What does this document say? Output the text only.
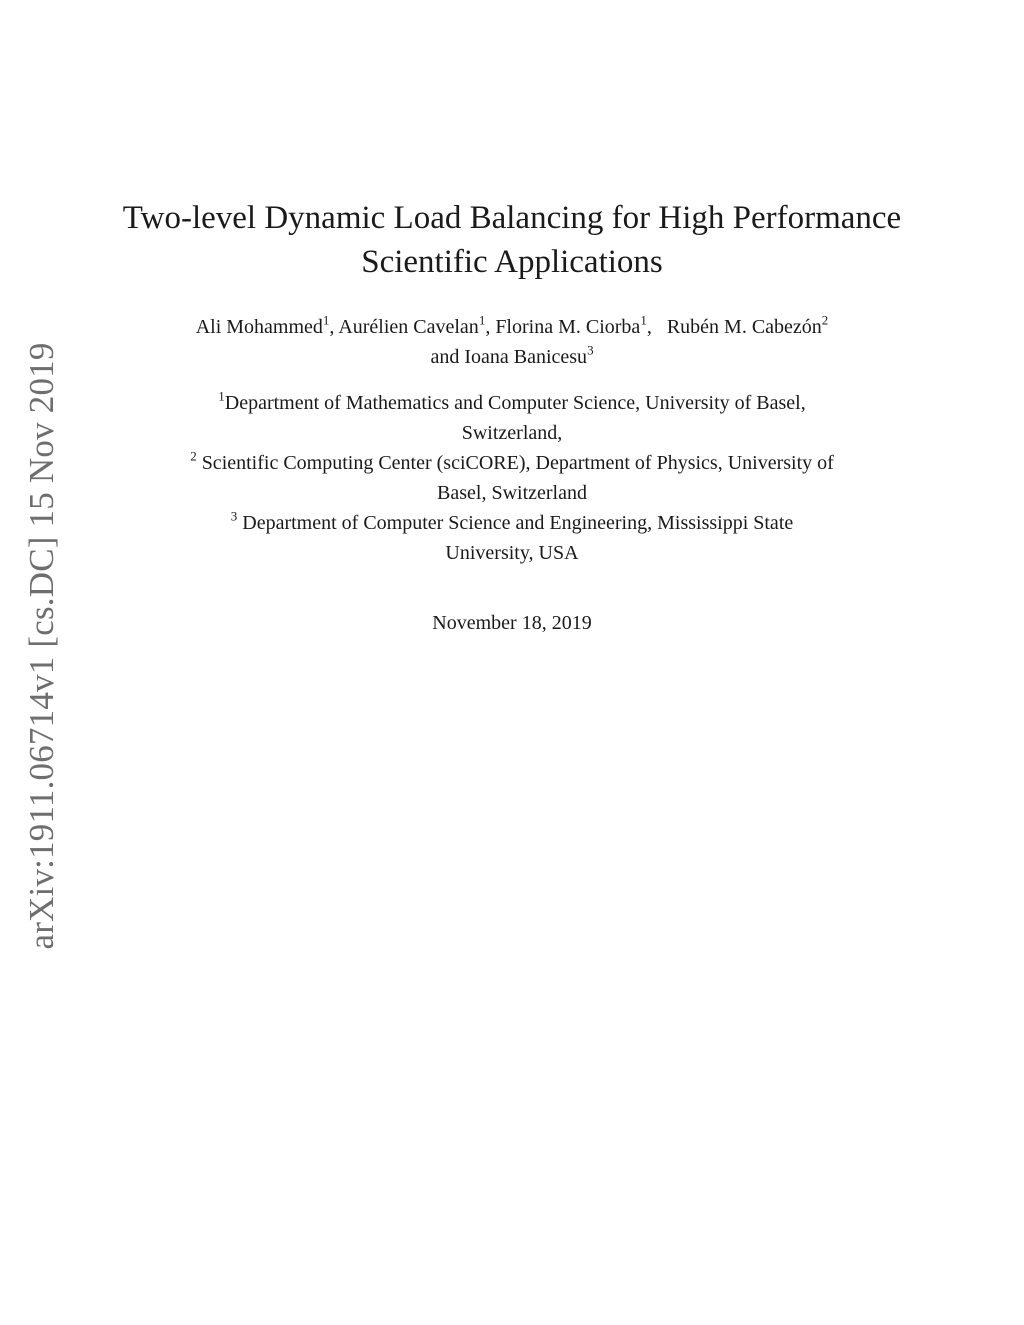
arXiv:1911.06714v1 [cs.DC] 15 Nov 2019
Two-level Dynamic Load Balancing for High Performance
Scientific Applications
Ali Mohammed$^1$, Aurélien Cavelan$^1$, Florina M. Ciorba$^1$, Rubén M. Cabezón$^2$
and Ioana Banicesu$^3$

$^1$Department of Mathematics and Computer Science, University of Basel,
Switzerland,

$^2$ Scientific Computing Center (sciCORE), Department of Physics, University of
Basel, Switzerland

$^3$ Department of Computer Science and Engineering, Mississippi State
University, USA

November 18, 2019
